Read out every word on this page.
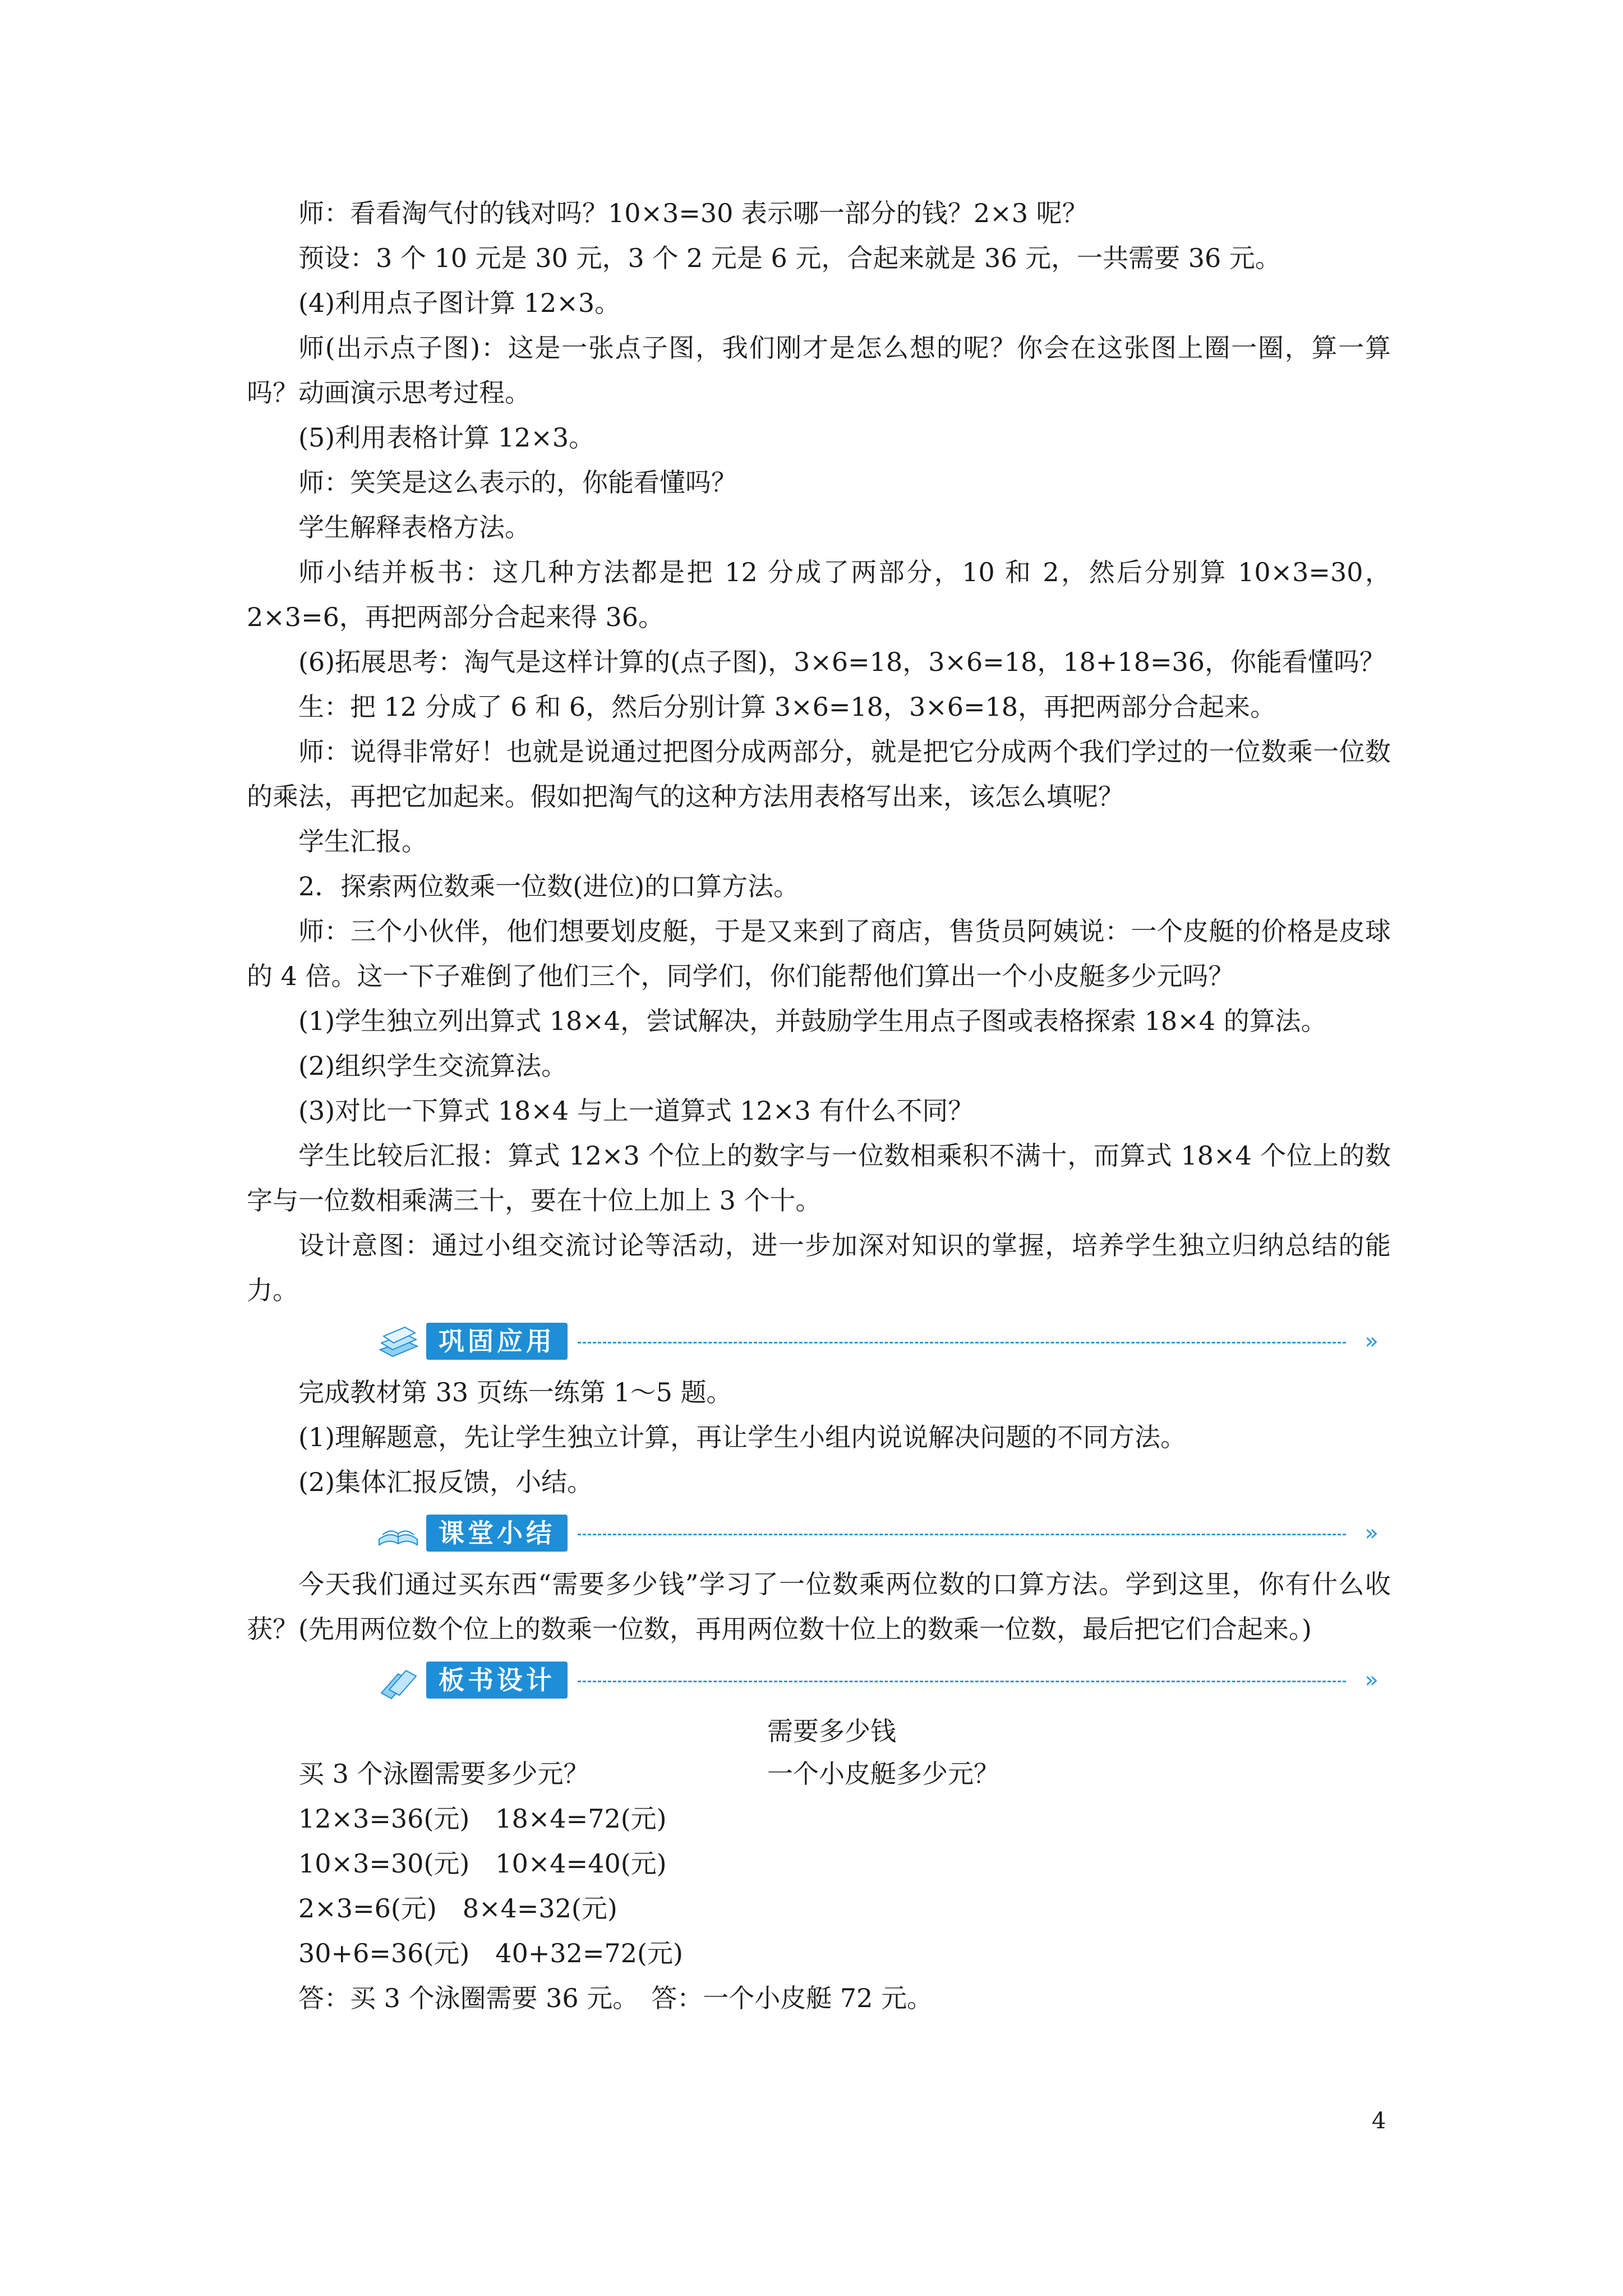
师：看看淘气付的钱对吗？10×3=30 表示哪一部分的钱？2×3 呢？

预设：3 个 10 元是 30 元，3 个 2 元是 6 元，合起来就是 36 元，一共需要 36 元。

(4)利用点子图计算 12×3。

师(出示点子图)：这是一张点子图，我们刚才是怎么想的呢？你会在这张图上圈一圈，算一算吗？动画演示思考过程。

(5)利用表格计算 12×3。

师：笑笑是这么表示的，你能看懂吗？

学生解释表格方法。

师小结并板书：这几种方法都是把 12 分成了两部分，10 和 2，然后分别算 10×3=30，2×3=6，再把两部分合起来得 36。

(6)拓展思考：淘气是这样计算的(点子图)，3×6=18，3×6=18，18+18=36，你能看懂吗？

生：把 12 分成了 6 和 6，然后分别计算 3×6=18，3×6=18，再把两部分合起来。

师：说得非常好！也就是说通过把图分成两部分，就是把它分成两个我们学过的一位数乘一位数的乘法，再把它加起来。假如把淘气的这种方法用表格写出来，该怎么填呢？

学生汇报。

2．探索两位数乘一位数(进位)的口算方法。

师：三个小伙伴，他们想要划皮艇，于是又来到了商店，售货员阿姨说：一个皮艇的价格是皮球的 4 倍。这一下子难倒了他们三个，同学们，你们能帮他们算出一个小皮艇多少元吗？

(1)学生独立列出算式 18×4，尝试解决，并鼓励学生用点子图或表格探索 18×4 的算法。

(2)组织学生交流算法。

(3)对比一下算式 18×4 与上一道算式 12×3 有什么不同？

学生比较后汇报：算式 12×3 个位上的数字与一位数相乘积不满十，而算式 18×4 个位上的数字与一位数相乘满三十，要在十位上加上 3 个十。

设计意图：通过小组交流讨论等活动，进一步加深对知识的掌握，培养学生独立归纳总结的能力。

巩固应用	»

完成教材第 33 页练一练第 1～5 题。

(1)理解题意，先让学生独立计算，再让学生小组内说说解决问题的不同方法。

(2)集体汇报反馈，小结。

课堂小结	»

今天我们通过买东西“需要多少钱”学习了一位数乘两位数的口算方法。学到这里，你有什么收获？(先用两位数个位上的数乘一位数，再用两位数十位上的数乘一位数，最后把它们合起来。)

板书设计	»
需要多少钱
买 3 个泳圈需要多少元？	一个小皮艇多少元？
12×3=36(元)　18×4=72(元)
10×3=30(元)　10×4=40(元)
2×3=6(元)　8×4=32(元)
30+6=36(元)　40+32=72(元)
答：买 3 个泳圈需要 36 元。　答：一个小皮艇 72 元。
4
